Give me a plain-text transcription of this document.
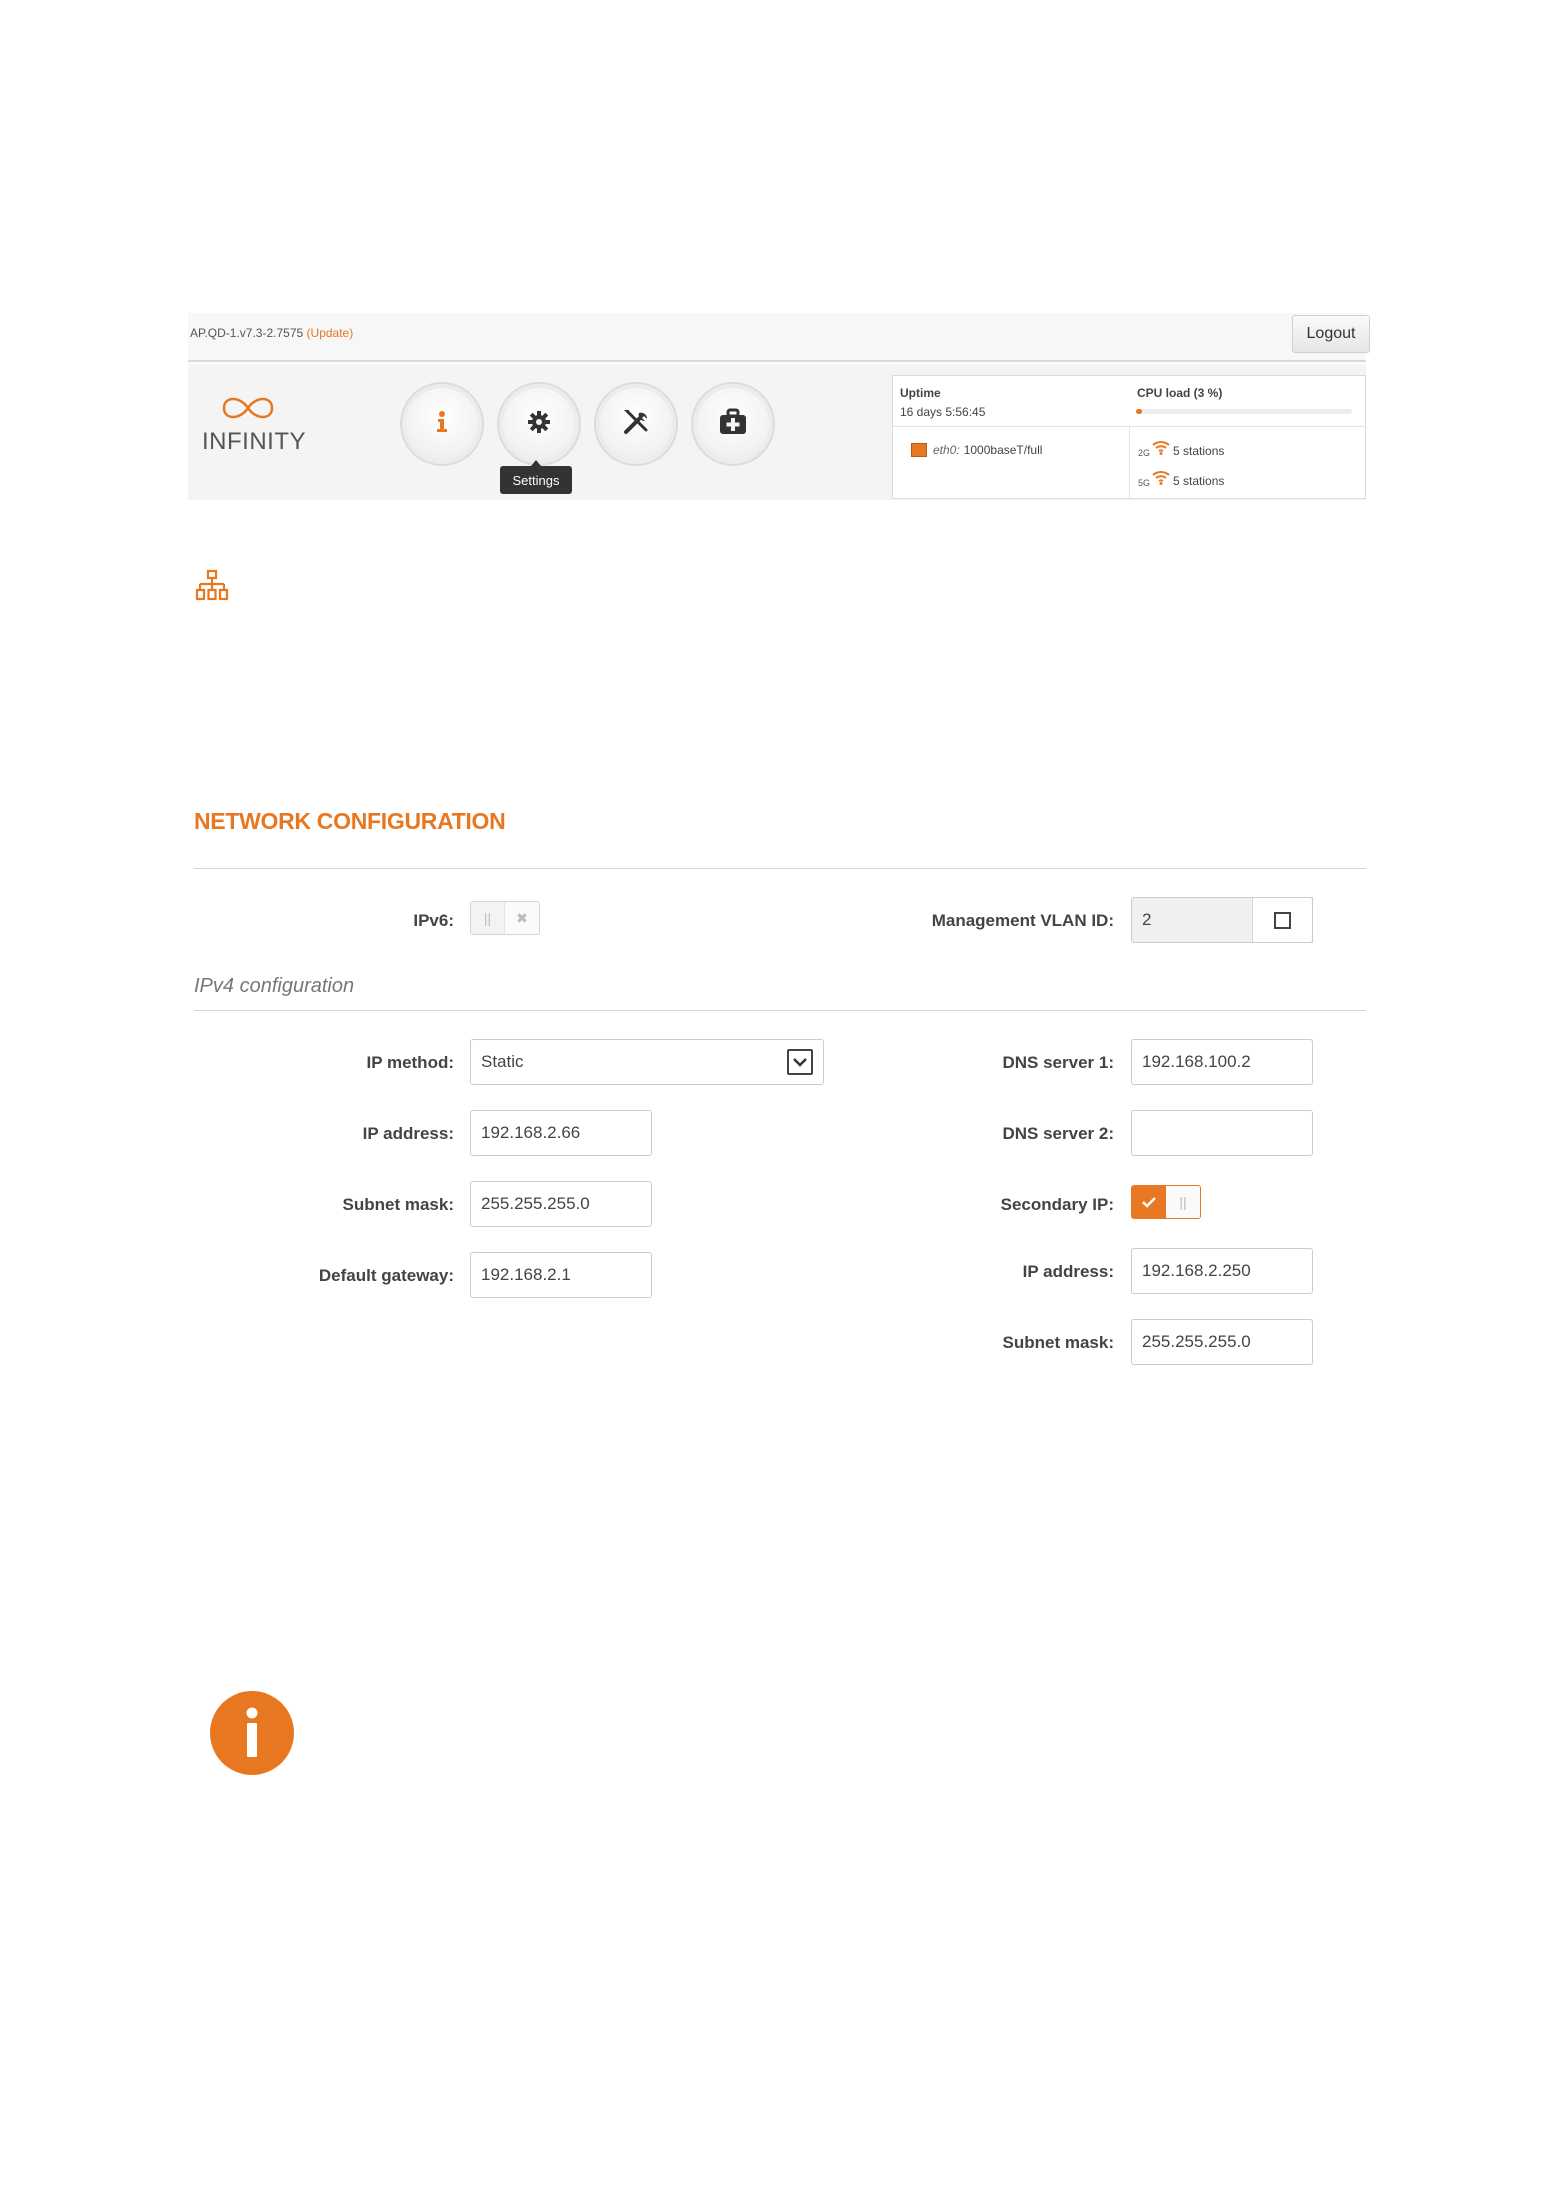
AP.QD-1.v7.3-2.7575 (Update)	Logout
INFINITY
Settings
Uptime
16 days 5:56:45
CPU load (3 %)
eth0: 1000baseT/full	2G 5 stations
5G 5 stations
NETWORK CONFIGURATION
IPv6:	||	✖	Management VLAN ID:	2
IPv4 configuration
IP method: Static
IP address:	192.168.2.66
Subnet mask:	255.255.255.0
Default gateway:	192.168.2.1
DNS server 1:	192.168.100.2
DNS server 2:
Secondary IP:	||
IP address:	192.168.2.250
Subnet mask:	255.255.255.0
